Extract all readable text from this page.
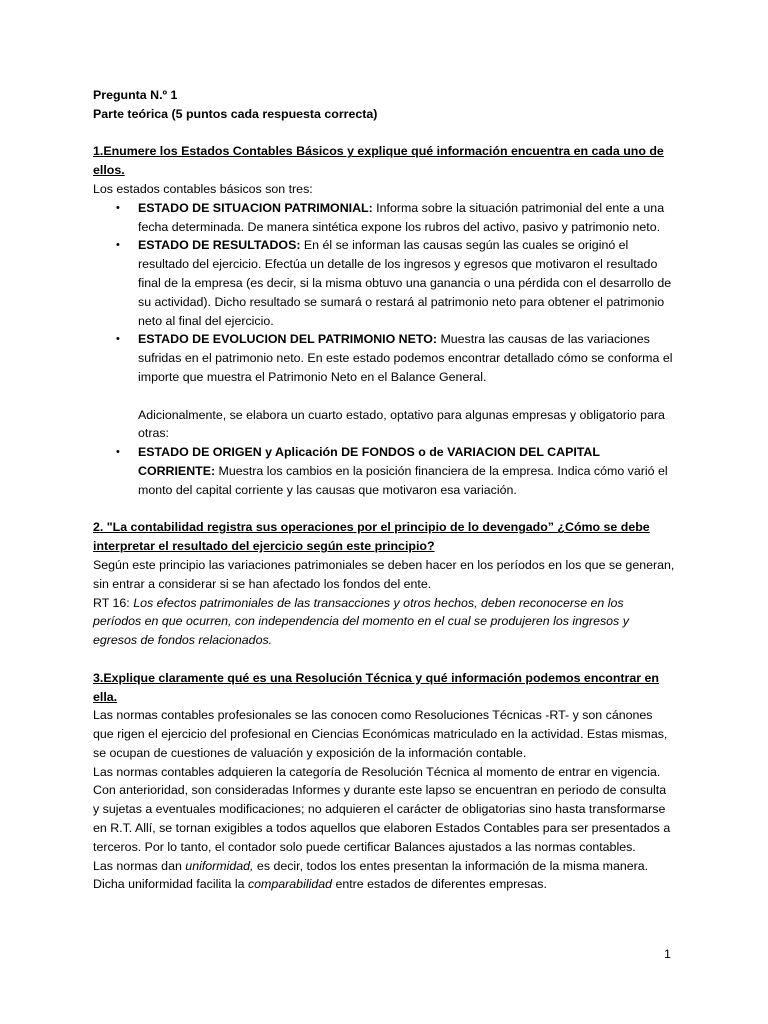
Pregunta N.º 1

Parte teórica (5 puntos cada respuesta correcta)

1.Enumere los Estados Contables Básicos y explique qué información encuentra en cada uno de ellos.

Los estados contables básicos son tres:

• ESTADO DE SITUACION PATRIMONIAL: Informa sobre la situación patrimonial del ente a una fecha determinada. De manera sintética expone los rubros del activo, pasivo y patrimonio neto.
• ESTADO DE RESULTADOS: En él se informan las causas según las cuales se originó el resultado del ejercicio. Efectúa un detalle de los ingresos y egresos que motivaron el resultado final de la empresa (es decir, si la misma obtuvo una ganancia o una pérdida con el desarrollo de su actividad). Dicho resultado se sumará o restará al patrimonio neto para obtener el patrimonio neto al final del ejercicio.
• ESTADO DE EVOLUCION DEL PATRIMONIO NETO: Muestra las causas de las variaciones sufridas en el patrimonio neto. En este estado podemos encontrar detallado cómo se conforma el importe que muestra el Patrimonio Neto en el Balance General.

Adicionalmente, se elabora un cuarto estado, optativo para algunas empresas y obligatorio para otras:

• ESTADO DE ORIGEN y Aplicación DE FONDOS o de VARIACION DEL CAPITAL CORRIENTE: Muestra los cambios en la posición financiera de la empresa. Indica cómo varió el monto del capital corriente y las causas que motivaron esa variación.

2. "La contabilidad registra sus operaciones por el principio de lo devengado” ¿Cómo se debe interpretar el resultado del ejercicio según este principio?

Según este principio las variaciones patrimoniales se deben hacer en los períodos en los que se generan, sin entrar a considerar si se han afectado los fondos del ente.

RT 16: Los efectos patrimoniales de las transacciones y otros hechos, deben reconocerse en los períodos en que ocurren, con independencia del momento en el cual se produjeren los ingresos y egresos de fondos relacionados.

3.Explique claramente qué es una Resolución Técnica y qué información podemos encontrar en ella.

Las normas contables profesionales se las conocen como Resoluciones Técnicas -RT- y son cánones que rigen el ejercicio del profesional en Ciencias Económicas matriculado en la actividad. Estas mismas, se ocupan de cuestiones de valuación y exposición de la información contable.

Las normas contables adquieren la categoría de Resolución Técnica al momento de entrar en vigencia. Con anterioridad, son consideradas Informes y durante este lapso se encuentran en periodo de consulta y sujetas a eventuales modificaciones; no adquieren el carácter de obligatorias sino hasta transformarse en R.T. Allí, se tornan exigibles a todos aquellos que elaboren Estados Contables para ser presentados a terceros. Por lo tanto, el contador solo puede certificar Balances ajustados a las normas contables.

Las normas dan uniformidad, es decir, todos los entes presentan la información de la misma manera. Dicha uniformidad facilita la comparabilidad entre estados de diferentes empresas.

1
